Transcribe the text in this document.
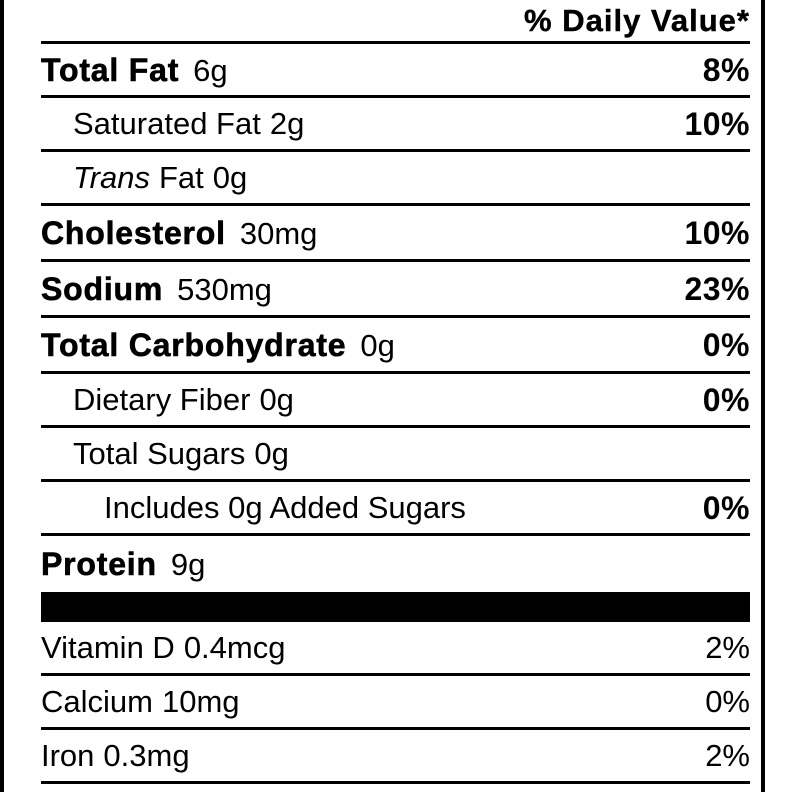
% Daily Value*
Total Fat 6g	8%
Saturated Fat 2g	10%
Trans Fat 0g
Cholesterol 30mg	10%
Sodium 530mg	23%
Total Carbohydrate 0g	0%
Dietary Fiber 0g	0%
Total Sugars 0g
Includes 0g Added Sugars	0%
Protein 9g
Vitamin D 0.4mcg	2%
Calcium 10mg	0%
Iron 0.3mg	2%
